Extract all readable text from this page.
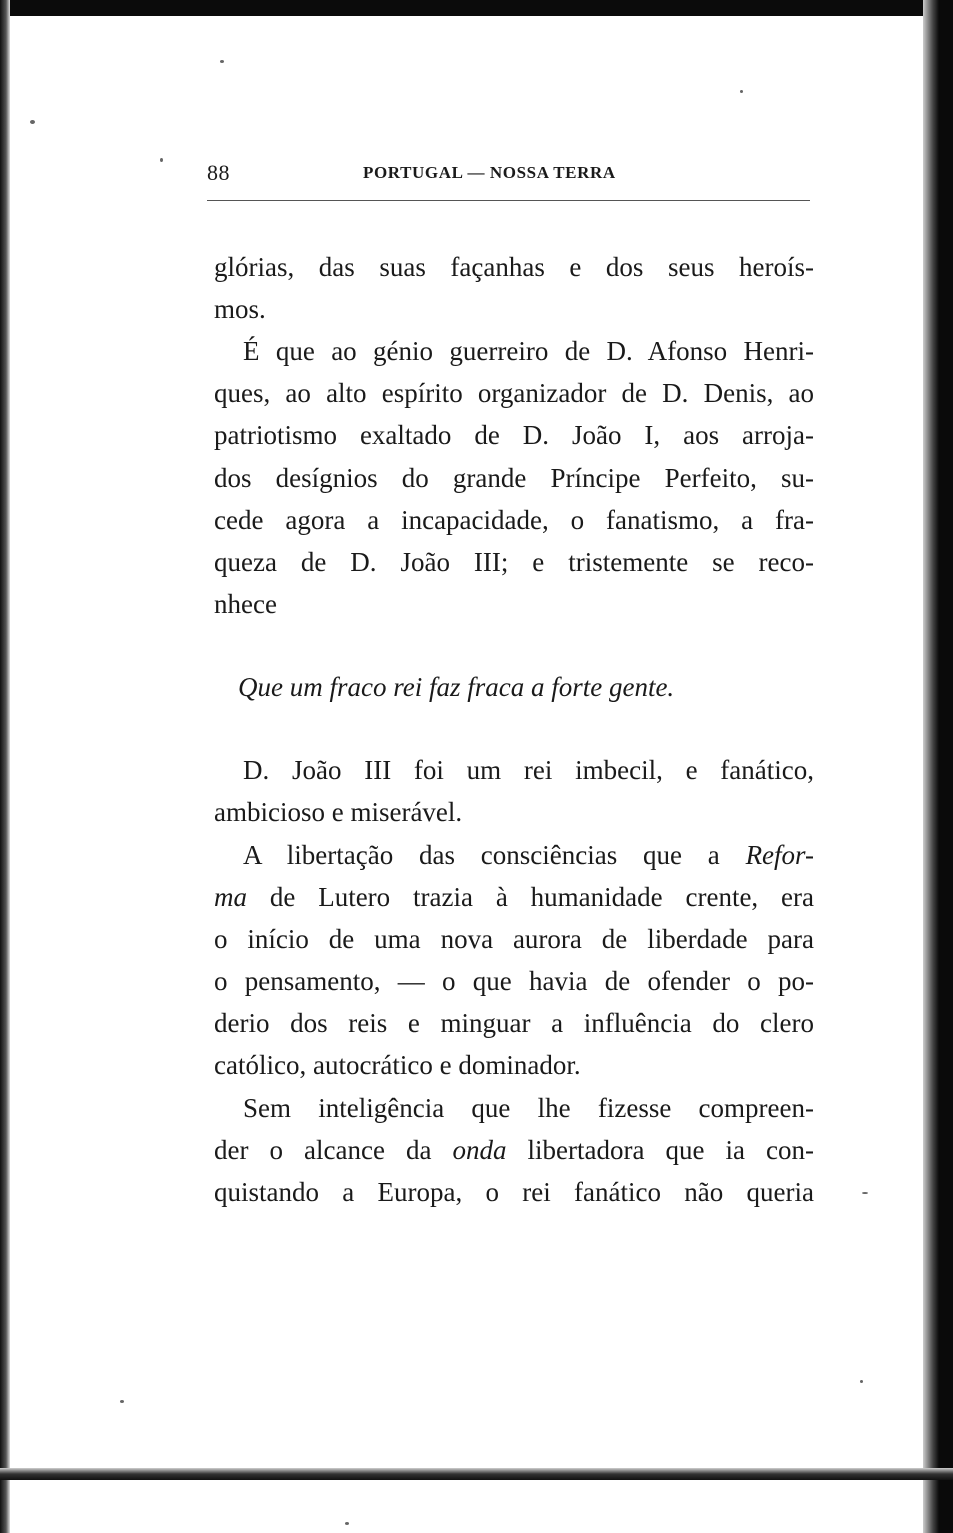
88	PORTUGAL — NOSSA TERRA
glórias, das suas façanhas e dos seus heroís-
mos.
É que ao génio guerreiro de D. Afonso Henri-
ques, ao alto espírito organizador de D. Denis, ao
patriotismo exaltado de D. João I, aos arroja-
dos desígnios do grande Príncipe Perfeito, su-
cede agora a incapacidade, o fanatismo, a fra-
queza de D. João III; e tristemente se reco-
nhece
Que um fraco rei faz fraca a forte gente.
D. João III foi um rei imbecil, e fanático,
ambicioso e miserável.
A libertação das consciências que a Refor-
ma de Lutero trazia à humanidade crente, era
o início de uma nova aurora de liberdade para
o pensamento, — o que havia de ofender o po-
derio dos reis e minguar a influência do clero
católico, autocrático e dominador.
Sem inteligência que lhe fizesse compreen-
der o alcance da onda libertadora que ia con-
quistando a Europa, o rei fanático não queria
